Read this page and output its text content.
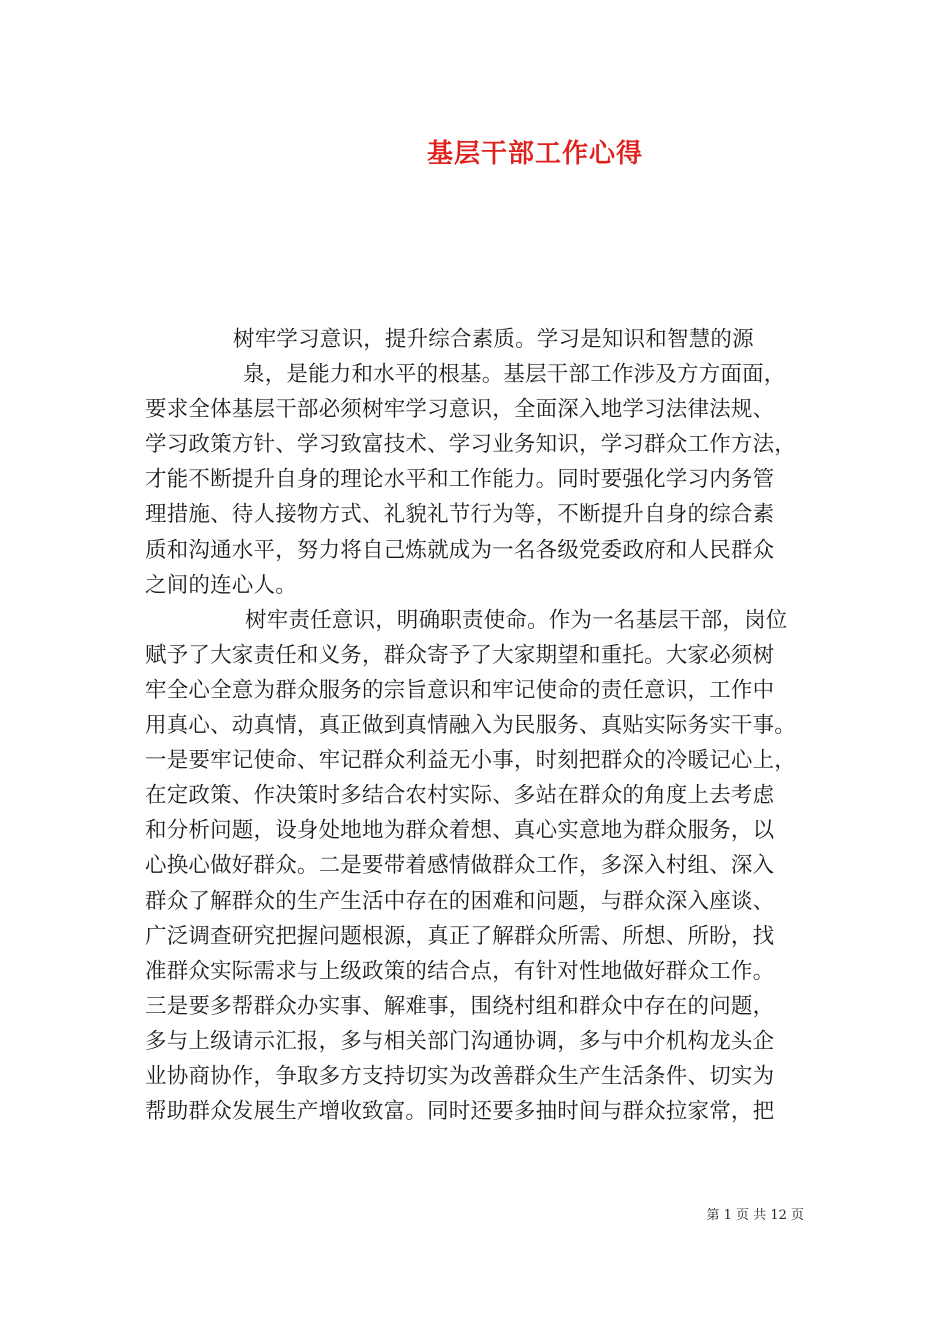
基层干部工作心得
树牢学习意识，提升综合素质。学习是知识和智慧的源
泉，是能力和水平的根基。基层干部工作涉及方方面面，
要求全体基层干部必须树牢学习意识，全面深入地学习法律法规、
学习政策方针、学习致富技术、学习业务知识，学习群众工作方法，
才能不断提升自身的理论水平和工作能力。同时要强化学习内务管
理措施、待人接物方式、礼貌礼节行为等，不断提升自身的综合素
质和沟通水平，努力将自己炼就成为一名各级党委政府和人民群众
之间的连心人。
树牢责任意识，明确职责使命。作为一名基层干部，岗位
赋予了大家责任和义务，群众寄予了大家期望和重托。大家必须树
牢全心全意为群众服务的宗旨意识和牢记使命的责任意识，工作中
用真心、动真情，真正做到真情融入为民服务、真贴实际务实干事。
一是要牢记使命、牢记群众利益无小事，时刻把群众的冷暖记心上，
在定政策、作决策时多结合农村实际、多站在群众的角度上去考虑
和分析问题，设身处地地为群众着想、真心实意地为群众服务，以
心换心做好群众。二是要带着感情做群众工作，多深入村组、深入
群众了解群众的生产生活中存在的困难和问题，与群众深入座谈、
广泛调查研究把握问题根源，真正了解群众所需、所想、所盼，找
准群众实际需求与上级政策的结合点，有针对性地做好群众工作。
三是要多帮群众办实事、解难事，围绕村组和群众中存在的问题，
多与上级请示汇报，多与相关部门沟通协调，多与中介机构龙头企
业协商协作，争取多方支持切实为改善群众生产生活条件、切实为
帮助群众发展生产增收致富。同时还要多抽时间与群众拉家常，把
第 1 页 共 12 页
